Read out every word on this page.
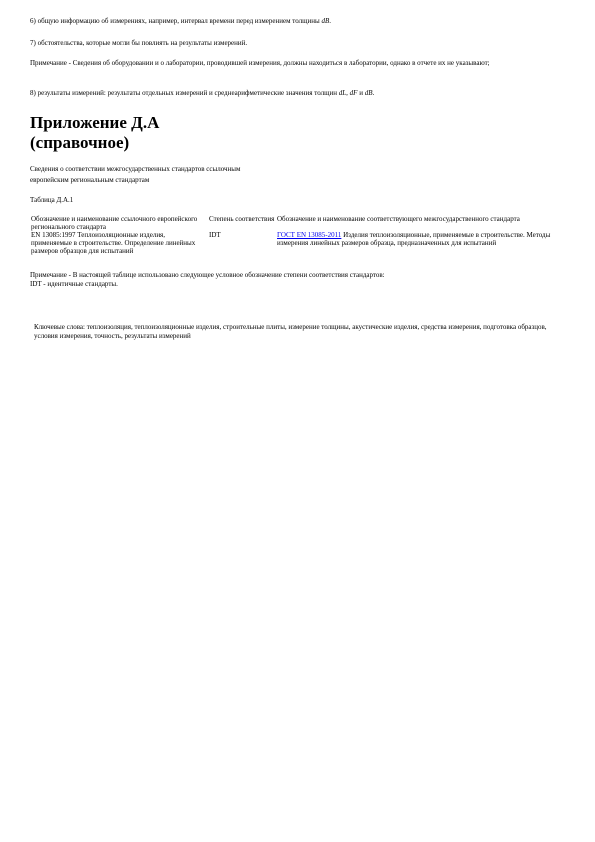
6) общую информацию об измерениях, например, интервал времени перед измерением толщины dB.

7) обстоятельства, которые могли бы повлиять на результаты измерений.

Примечание - Сведения об оборудовании и о лаборатории, проводившей измерения, должны находиться в лаборатории, однако в отчете их не указывают;

8) результаты измерений: результаты отдельных измерений и среднеарифметические значения толщин dL, dF и dB.

Приложение Д.А
(справочное)

Сведения о соответствии межгосударственных стандартов ссылочным

европейским региональным стандартам

Таблица Д.А.1

Обозначение и наименование ссылочного европейского регионального стандарта	Степень соответствия	Обозначение и наименование соответствующего межгосударственного стандарта
EN 13085:1997 Теплоизоляционные изделия, применяемые в строительстве. Определение линейных размеров образцов для испытаний	IDT	ГОСТ EN 13085-2011 Изделия теплоизоляционные, применяемые в строительстве. Методы измерения линейных размеров образца, предназначенных для испытаний

Примечание - В настоящей таблице использовано следующее условное обозначение степени соответствия стандартов:

IDT - идентичные стандарты.

Ключевые слова: теплоизоляция, теплоизоляционные изделия, строительные плиты, измерение толщины, акустические изделия, средства измерения, подготовка образцов, условия измерения, точность, результаты измерений
